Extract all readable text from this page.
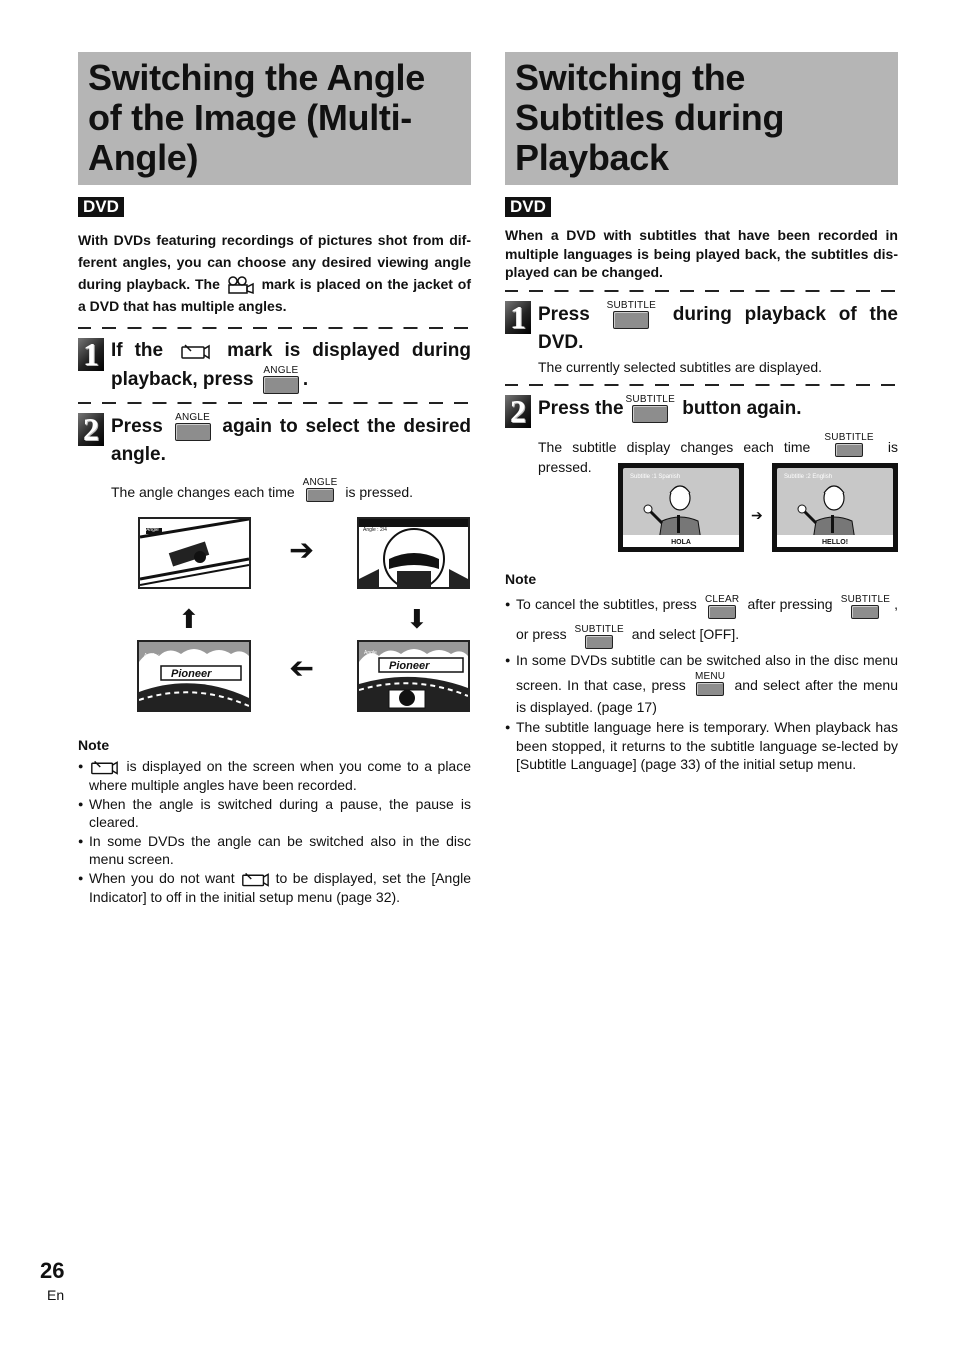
Switching the Angle of the Image (Multi-Angle)
DVD

With DVDs featuring recordings of pictures shot from dif-ferent angles, you can choose any desired viewing angle during playback. The	mark is placed on the jacket of a DVD that has multiple angles.

1 If the	mark is displayed during playback, press ANGLE .
2 Press ANGLE again to select the desired angle.

The angle changes each time
ANGLE
is pressed.

Angle
➔
Angle : 2/4
⬆	⬇
Pioneer
Angle : 4/4	➔	Pioneer
Angle

Note

● is displayed on the screen when you come to a place where multiple angles have been recorded.
● When the angle is switched during a pause, the pause is cleared.
● In some DVDs the angle can be switched also in the disc menu screen.
● When you do not want	to be displayed, set the [Angle Indicator] to off in the initial setup menu (page 32).
Switching the Subtitles during Playback
DVD

When a DVD with subtitles that have been recorded in multiple languages is being played back, the subtitles dis-played can be changed.

1 Press SUBTITLE during playback of the DVD.

The currently selected subtitles are displayed.

2 Press the SUBTITLE button again.

The subtitle display changes each time
SUBTITLE
is pressed.

Subtitle :1 Spanish
HOLA
➔
Subtitle :2 English
HELLO!

Note

● To cancel the subtitles, press CLEAR after pressing SUBTITLE , or press SUBTITLE and select [OFF].
● In some DVDs subtitle can be switched also in the disc menu screen. In that case, press
MENU
and select after the menu is displayed. (page 17)
● The subtitle language here is temporary. When playback has been stopped, it returns to the subtitle language se-lected by [Subtitle Language] (page 33) of the initial setup menu.
26
En
